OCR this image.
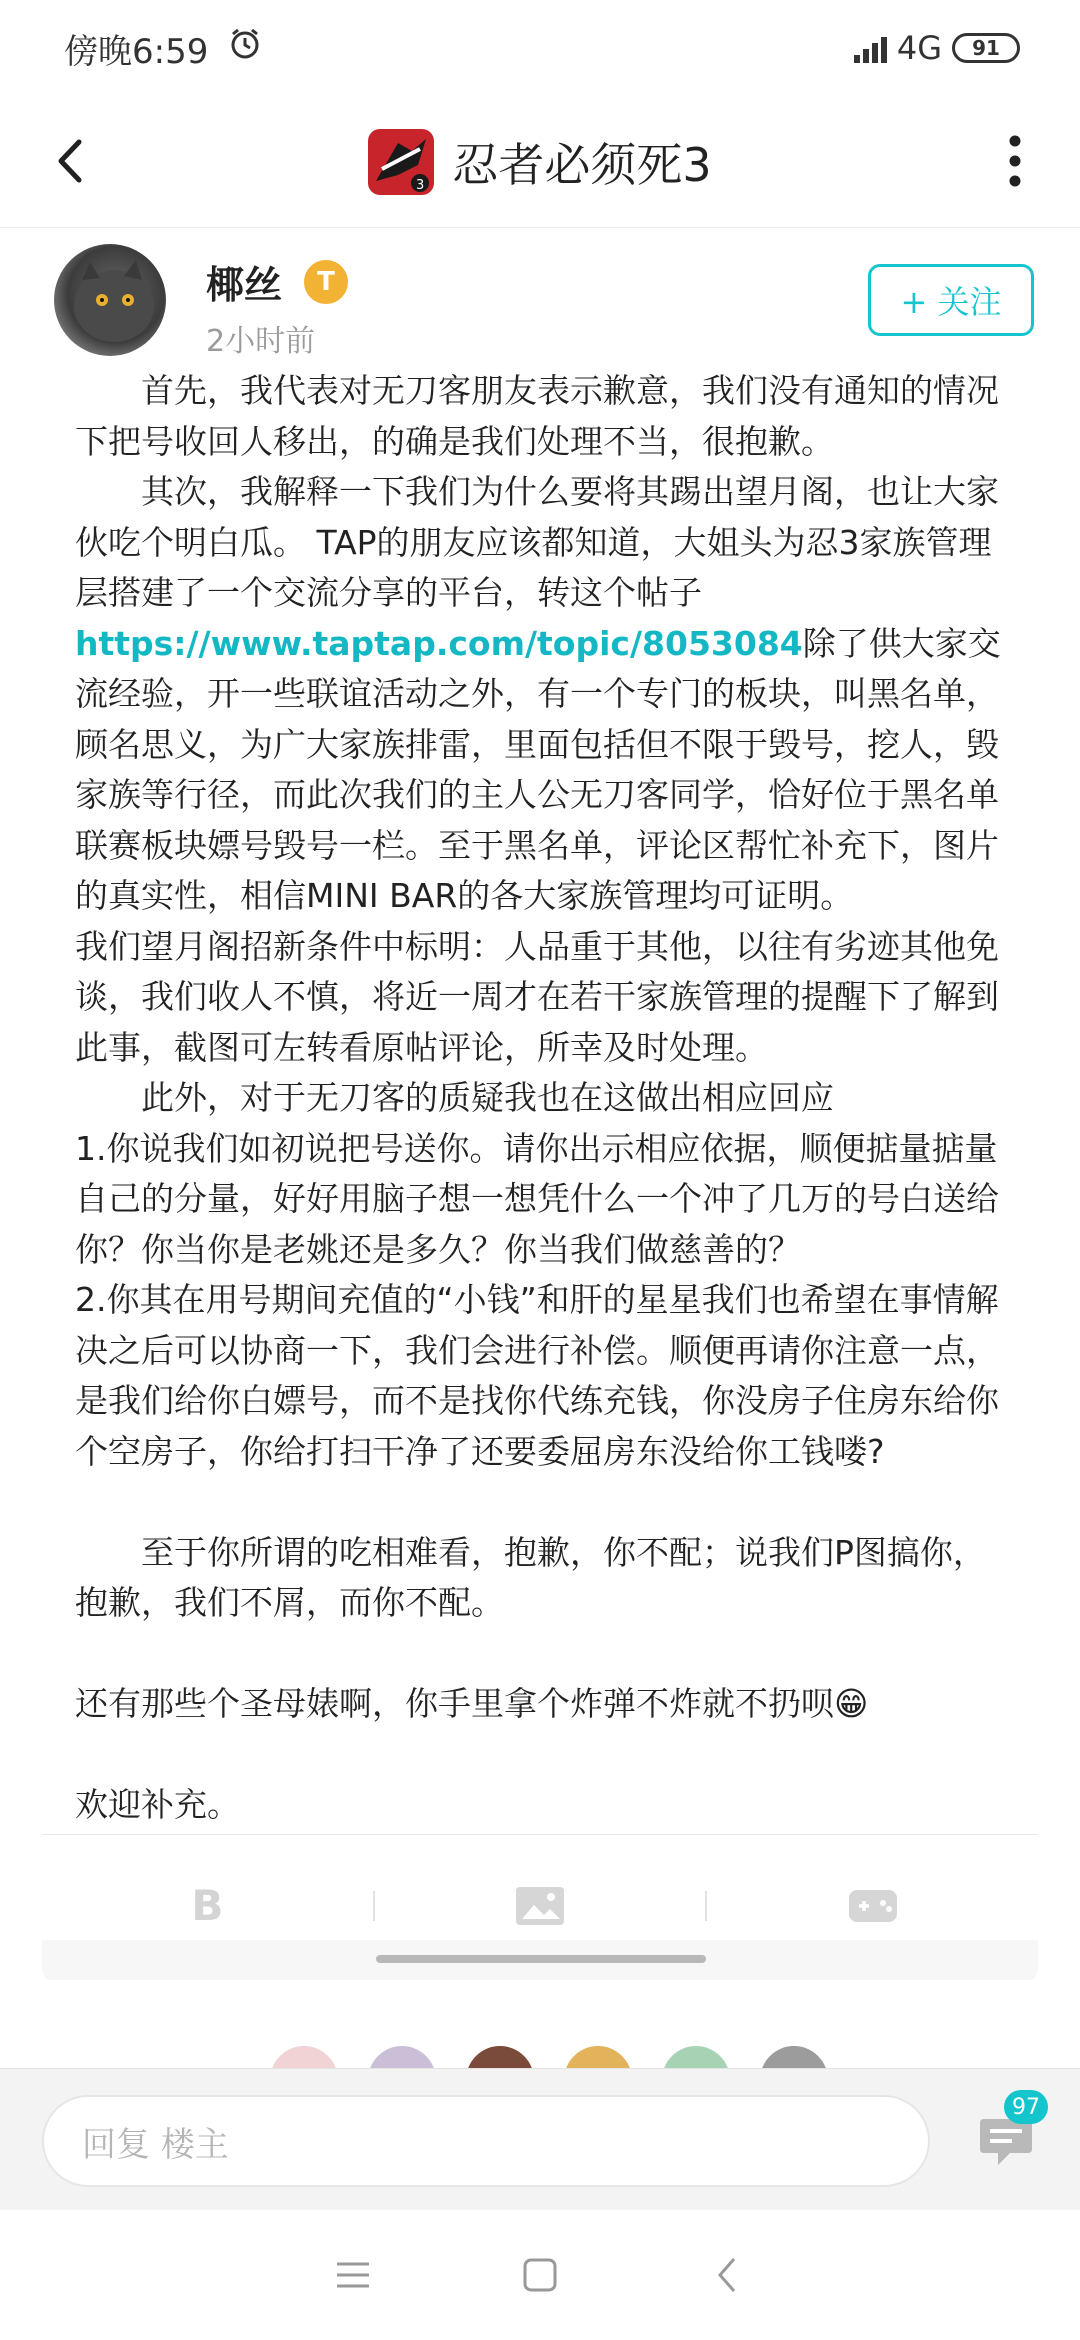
傍晚6:59	4G 91
3 忍者必须死3
椰丝	T
2小时前
+ 关注

首先，我代表对无刀客朋友表示歉意，我们没有通知的情况下把号收回人移出，的确是我们处理不当，很抱歉。

其次，我解释一下我们为什么要将其踢出望月阁，也让大家伙吃个明白瓜。 TAP的朋友应该都知道，大姐头为忍3家族管理层搭建了一个交流分享的平台，转这个帖子

https://www.taptap.com/topic/8053084除了供大家交流经验，开一些联谊活动之外，有一个专门的板块，叫黑名单，顾名思义，为广大家族排雷，里面包括但不限于毁号，挖人，毁家族等行径，而此次我们的主人公无刀客同学，恰好位于黑名单联赛板块嫖号毁号一栏。至于黑名单，评论区帮忙补充下，图片的真实性，相信MINI BAR的各大家族管理均可证明。

我们望月阁招新条件中标明：人品重于其他，以往有劣迹其他免谈，我们收人不慎，将近一周才在若干家族管理的提醒下了解到此事，截图可左转看原帖评论，所幸及时处理。

此外，对于无刀客的质疑我也在这做出相应回应

1.你说我们如初说把号送你。请你出示相应依据，顺便掂量掂量自己的分量，好好用脑子想一想凭什么一个冲了几万的号白送给你？你当你是老姚还是多久？你当我们做慈善的？

2.你其在用号期间充值的“小钱”和肝的星星我们也希望在事情解决之后可以协商一下，我们会进行补偿。顺便再请你注意一点，是我们给你白嫖号，而不是找你代练充钱，你没房子住房东给你个空房子，你给打扫干净了还要委屈房东没给你工钱喽?

至于你所谓的吃相难看，抱歉，你不配；说我们P图搞你，抱歉，我们不屑，而你不配。

还有那些个圣母婊啊，你手里拿个炸弹不炸就不扔呗😁

欢迎补充。

B
回复 楼主
97
